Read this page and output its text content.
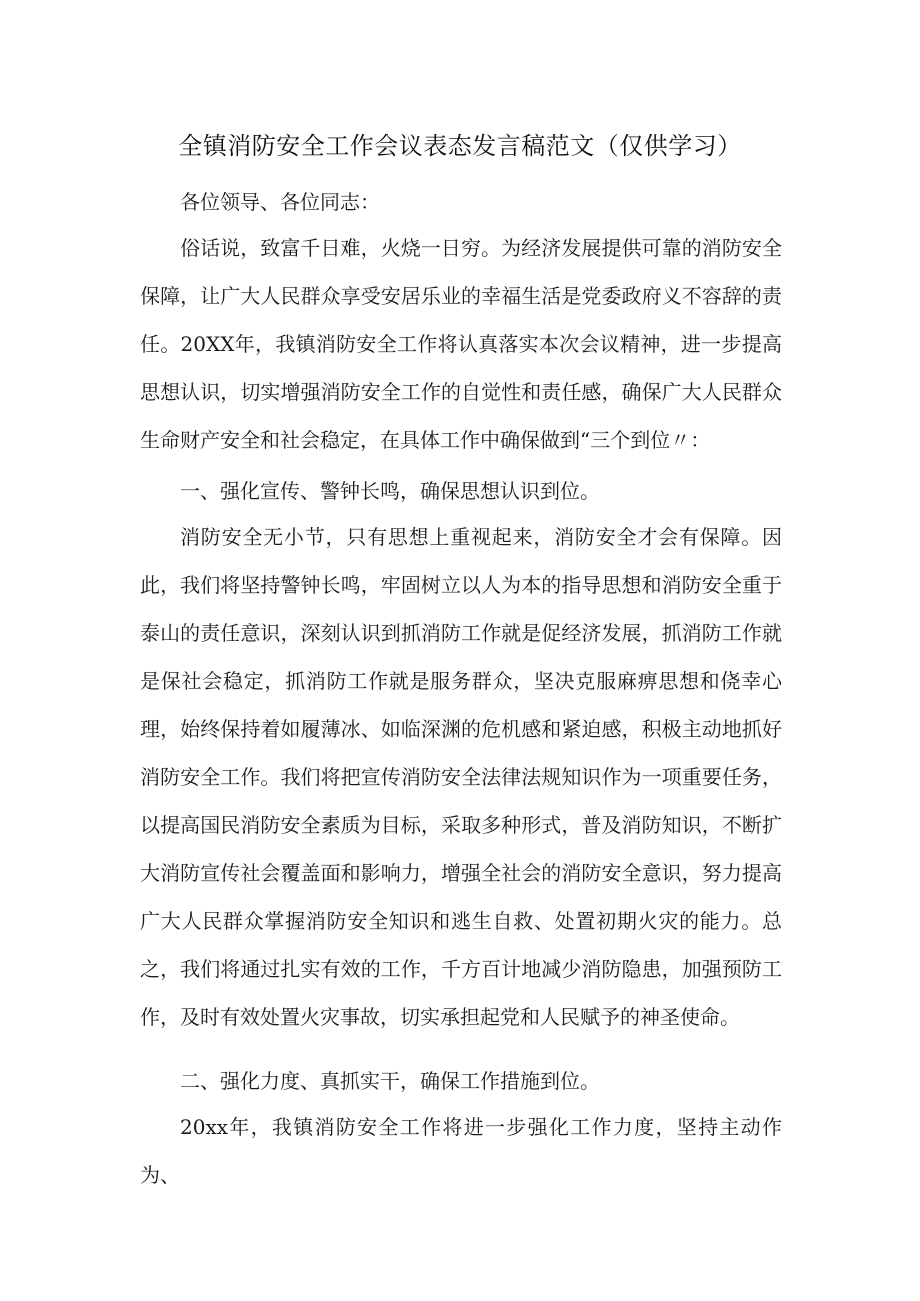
全镇消防安全工作会议表态发言稿范文（仅供学习）

各位领导、各位同志：

俗话说，致富千日难，火烧一日穷。为经济发展提供可靠的消防安全保障，让广大人民群众享受安居乐业的幸福生活是党委政府义不容辞的责任。20XX年，我镇消防安全工作将认真落实本次会议精神，进一步提高思想认识，切实增强消防安全工作的自觉性和责任感，确保广大人民群众生命财产安全和社会稳定，在具体工作中确保做到“三个到位〃：

一、强化宣传、警钟长鸣，确保思想认识到位。

消防安全无小节，只有思想上重视起来，消防安全才会有保障。因此，我们将坚持警钟长鸣，牢固树立以人为本的指导思想和消防安全重于泰山的责任意识，深刻认识到抓消防工作就是促经济发展，抓消防工作就是保社会稳定，抓消防工作就是服务群众，坚决克服麻痹思想和侥幸心理，始终保持着如履薄冰、如临深渊的危机感和紧迫感，积极主动地抓好消防安全工作。我们将把宣传消防安全法律法规知识作为一项重要任务，以提高国民消防安全素质为目标，采取多种形式，普及消防知识，不断扩大消防宣传社会覆盖面和影响力，增强全社会的消防安全意识，努力提高广大人民群众掌握消防安全知识和逃生自救、处置初期火灾的能力。总之，我们将通过扎实有效的工作，千方百计地减少消防隐患，加强预防工作，及时有效处置火灾事故，切实承担起党和人民赋予的神圣使命。

二、强化力度、真抓实干，确保工作措施到位。

20xx年，我镇消防安全工作将进一步强化工作力度，坚持主动作为、
